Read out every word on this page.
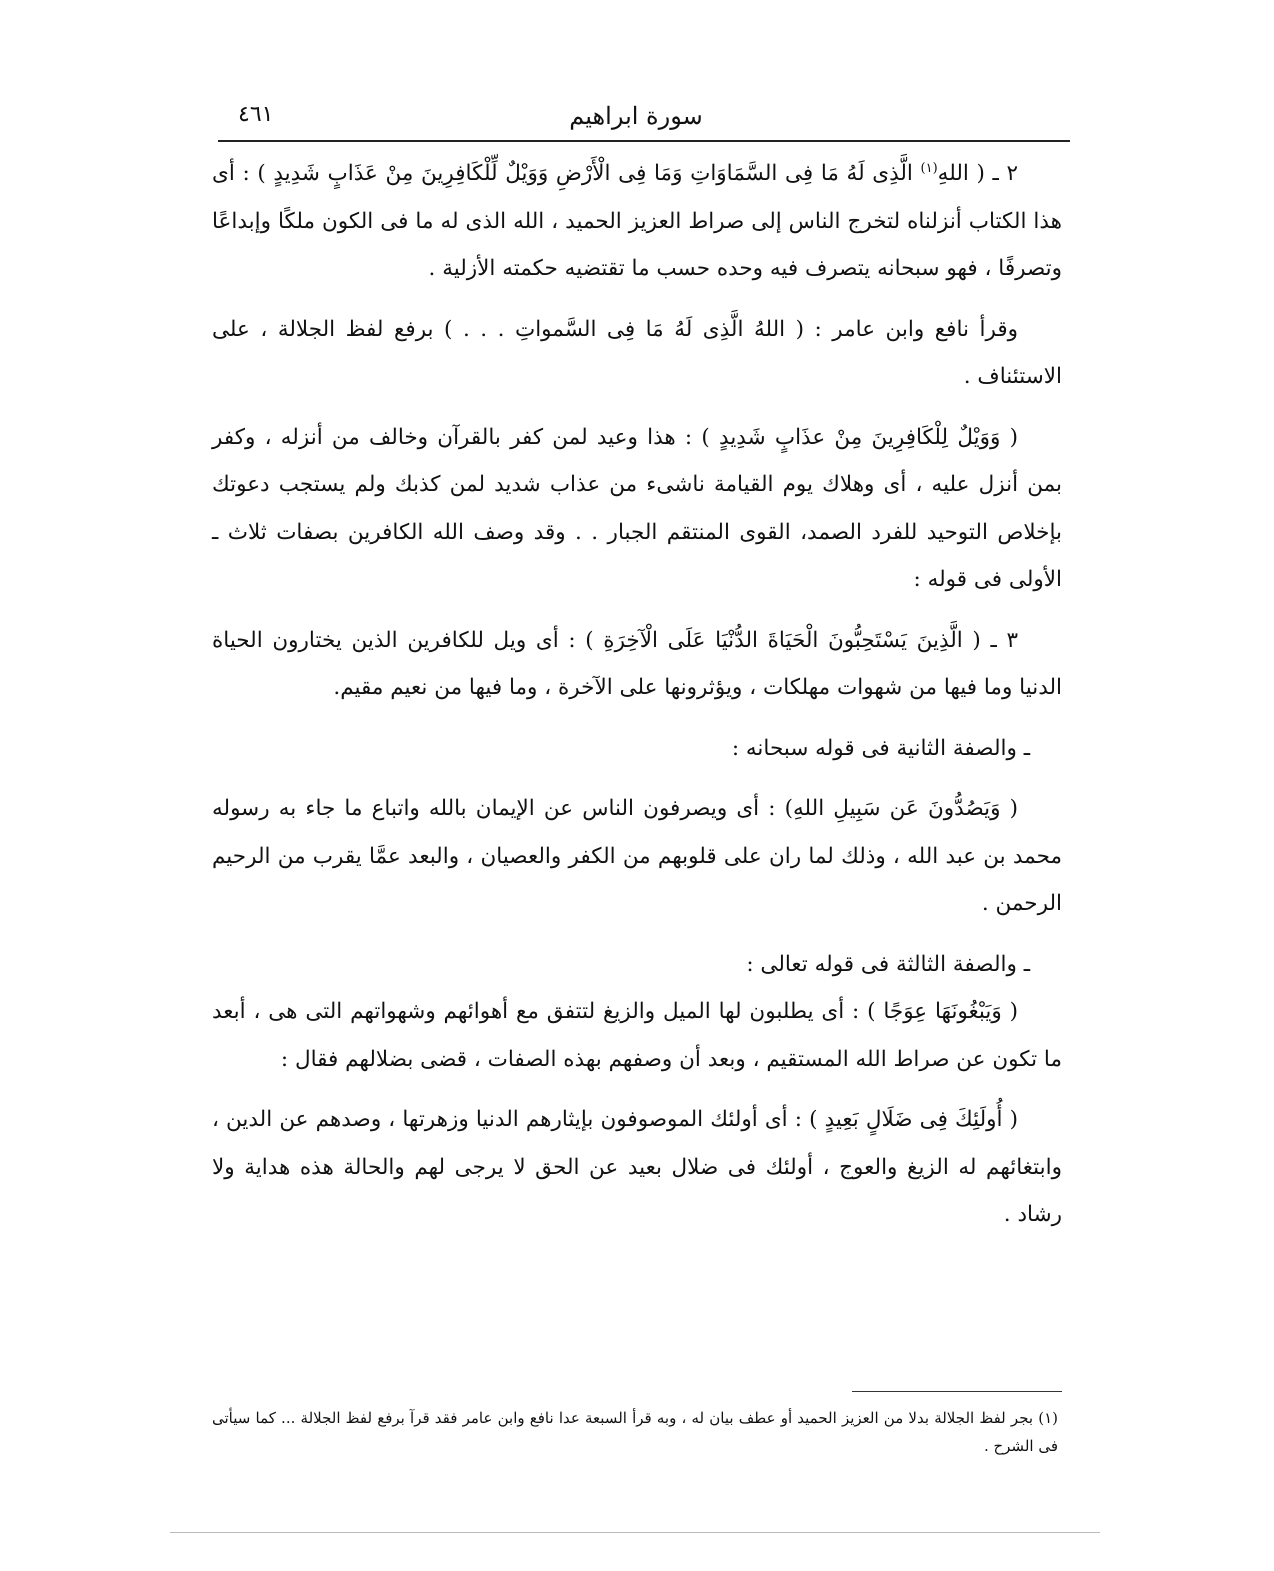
سورة ابراهيم
٤٦١

٢ ـ ( اللهِ$^{(١)}$ الَّذِى لَهُ مَا فِى السَّمَاوَاتِ وَمَا فِى الْأَرْضِ وَوَيْلٌ لِّلْكَافِرِينَ مِنْ عَذَابٍ شَدِيدٍ ) : أى هذا الكتاب أنزلناه لتخرج الناس إلى صراط العزيز الحميد ، الله الذى له ما فى الكون ملكًا وإبداعًا وتصرفًا ، فهو سبحانه يتصرف فيه وحده حسب ما تقتضيه حكمته الأزلية .

وقرأ نافع وابن عامر : ( اللهُ الَّذِى لَهُ مَا فِى السَّمواتِ . . . ) برفع لفظ الجلالة ، على الاستئناف .

( وَوَيْلٌ لِلْكَافِرِينَ مِنْ عذَابٍ شَدِيدٍ ) : هذا وعيد لمن كفر بالقرآن وخالف من أنزله ، وكفر بمن أنزل عليه ، أى وهلاك يوم القيامة ناشىء من عذاب شديد لمن كذبك ولم يستجب دعوتك بإخلاص التوحيد للفرد الصمد، القوى المنتقم الجبار . . وقد وصف الله الكافرين بصفات ثلاث ـ الأولى فى قوله :

٣ ـ ( الَّذِينَ يَسْتَحِبُّونَ الْحَيَاةَ الدُّنْيَا عَلَى الْآخِرَةِ ) : أى ويل للكافرين الذين يختارون الحياة الدنيا وما فيها من شهوات مهلكات ، ويؤثرونها على الآخرة ، وما فيها من نعيم مقيم.

ـ والصفة الثانية فى قوله سبحانه :

( وَيَصُدُّونَ عَن سَبِيلِ اللهِ) : أى ويصرفون الناس عن الإيمان بالله واتباع ما جاء به رسوله محمد بن عبد الله ، وذلك لما ران على قلوبهم من الكفر والعصيان ، والبعد عمَّا يقرب من الرحيم الرحمن .

ـ والصفة الثالثة فى قوله تعالى :

( وَيَبْغُونَهَا عِوَجًا ) : أى يطلبون لها الميل والزيغ لتتفق مع أهوائهم وشهواتهم التى هى ، أبعد ما تكون عن صراط الله المستقيم ، وبعد أن وصفهم بهذه الصفات ، قضى بضلالهم فقال :

( أُولَئِكَ فِى ضَلَالٍ بَعِيدٍ ) : أى أولئك الموصوفون بإيثارهم الدنيا وزهرتها ، وصدهم عن الدين ، وابتغائهم له الزيغ والعوج ، أولئك فى ضلال بعيد عن الحق لا يرجى لهم والحالة هذه هداية ولا رشاد .

(١) بجر لفظ الجلالة بدلا من العزيز الحميد أو عطف بيان له ، وبه قرأ السبعة عدا نافع وابن عامر فقد قرآ برفع لفظ الجلالة ... كما سيأتى فى الشرح .
